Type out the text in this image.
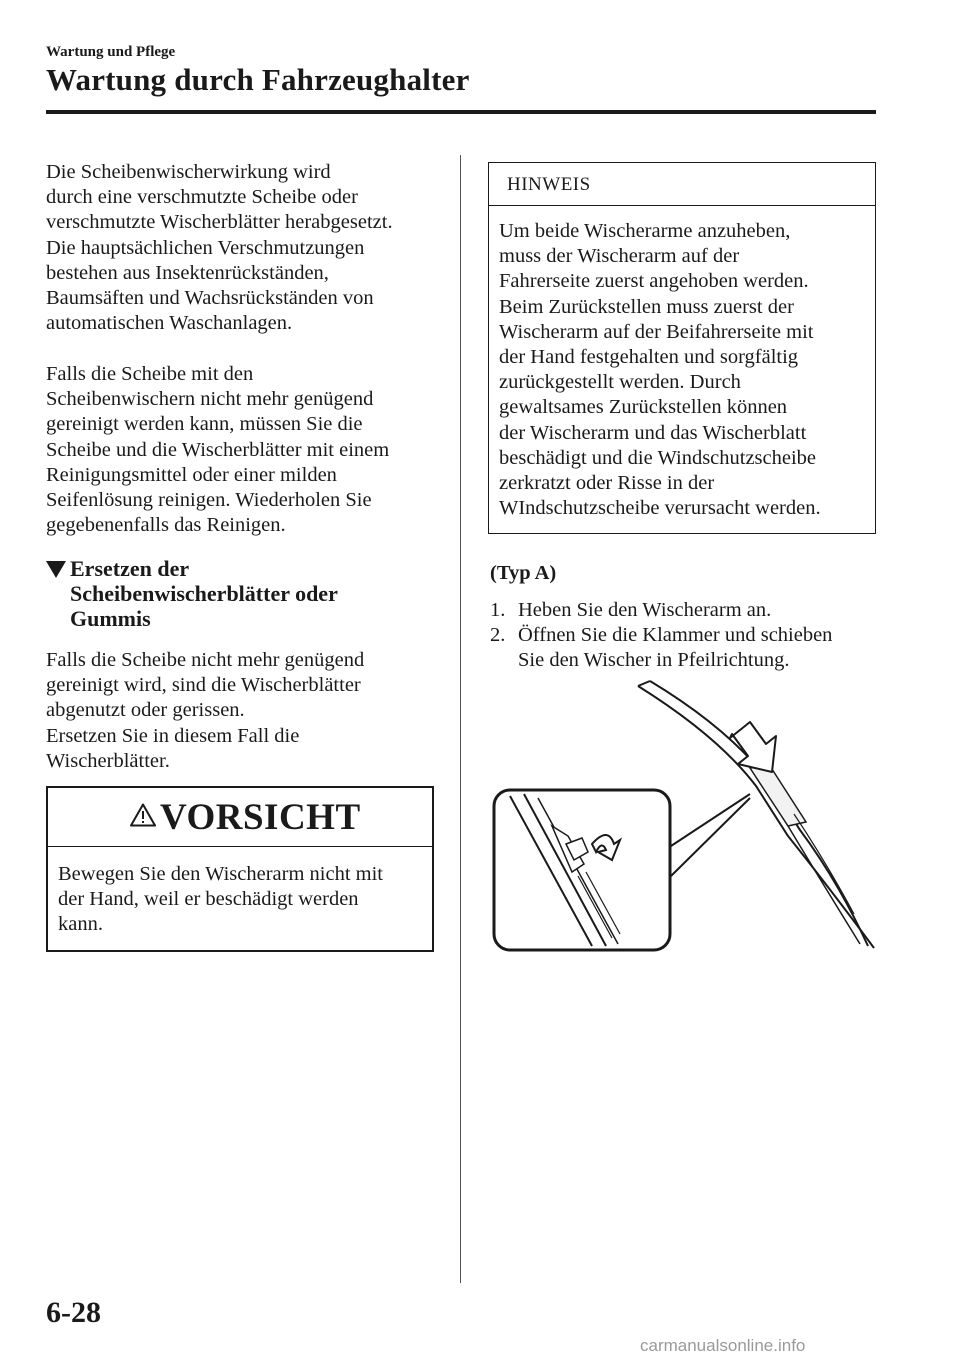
Wartung und Pflege
Wartung durch Fahrzeughalter
Die Scheibenwischerwirkung wird
durch eine verschmutzte Scheibe oder
verschmutzte Wischerblätter herabgesetzt.
Die hauptsächlichen Verschmutzungen
bestehen aus Insektenrückständen,
Baumsäften und Wachsrückständen von
automatischen Waschanlagen.
Falls die Scheibe mit den
Scheibenwischern nicht mehr genügend
gereinigt werden kann, müssen Sie die
Scheibe und die Wischerblätter mit einem
Reinigungsmittel oder einer milden
Seifenlösung reinigen. Wiederholen Sie
gegebenenfalls das Reinigen.
Ersetzen der
Scheibenwischerblätter oder
Gummis
Falls die Scheibe nicht mehr genügend
gereinigt wird, sind die Wischerblätter
abgenutzt oder gerissen.
Ersetzen Sie in diesem Fall die
Wischerblätter.
VORSICHT
Bewegen Sie den Wischerarm nicht mit
der Hand, weil er beschädigt werden
kann.
HINWEIS
Um beide Wischerarme anzuheben,
muss der Wischerarm auf der
Fahrerseite zuerst angehoben werden.
Beim Zurückstellen muss zuerst der
Wischerarm auf der Beifahrerseite mit
der Hand festgehalten und sorgfältig
zurückgestellt werden. Durch
gewaltsames Zurückstellen können
der Wischerarm und das Wischerblatt
beschädigt und die Windschutzscheibe
zerkratzt oder Risse in der
WIndschutzscheibe verursacht werden.
(Typ A)
1. Heben Sie den Wischerarm an.
2. Öffnen Sie die Klammer und schieben
Sie den Wischer in Pfeilrichtung.
6-28
carmanualsonline.info
